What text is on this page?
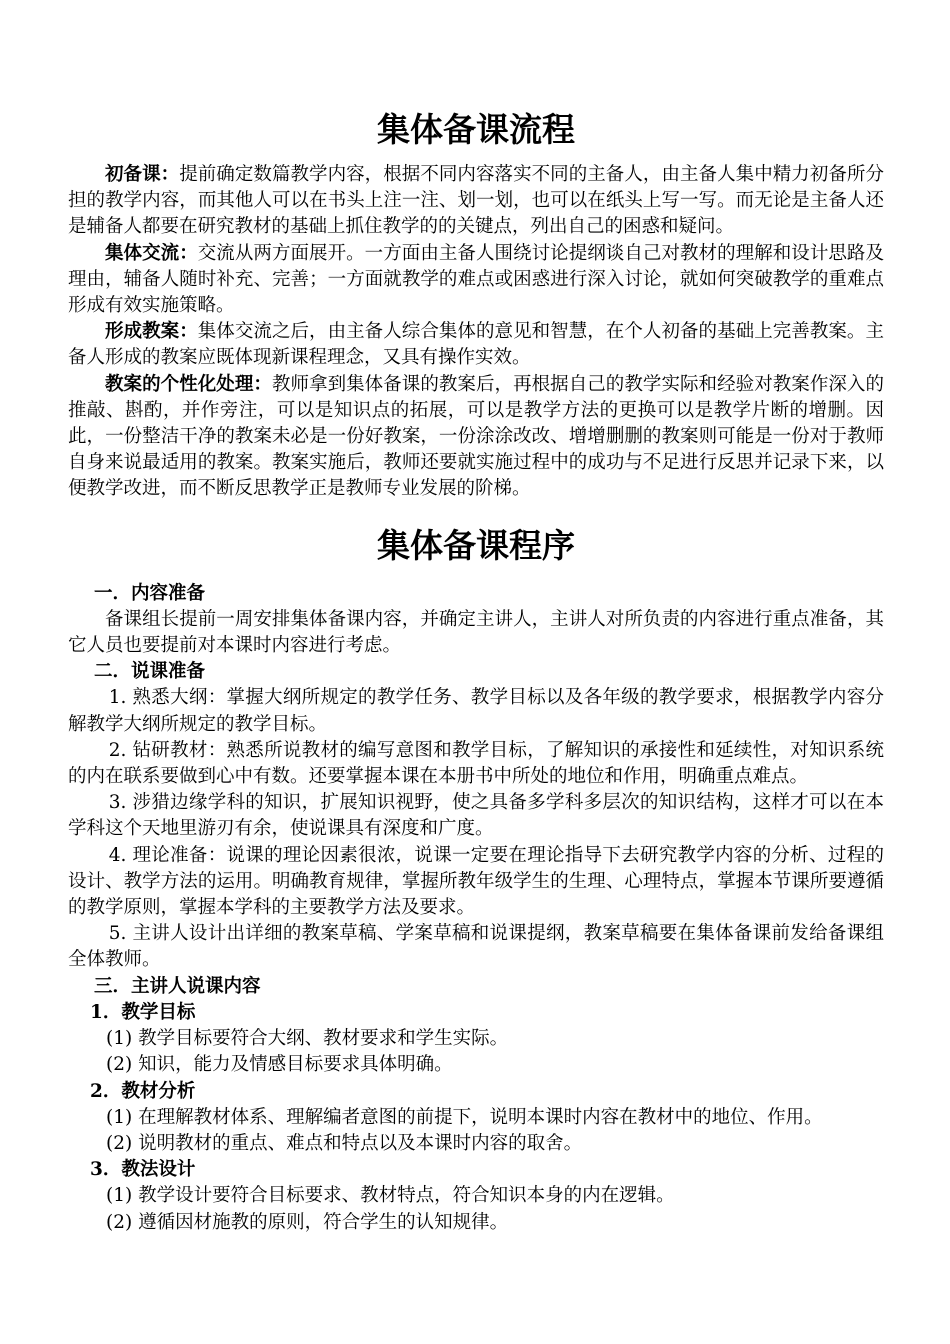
集体备课流程

初备课：提前确定数篇教学内容，根据不同内容落实不同的主备人，由主备人集中精力初备所分担的教学内容，而其他人可以在书头上注一注、划一划，也可以在纸头上写一写。而无论是主备人还是辅备人都要在研究教材的基础上抓住教学的的关键点，列出自己的困惑和疑问。

集体交流：交流从两方面展开。一方面由主备人围绕讨论提纲谈自己对教材的理解和设计思路及理由，辅备人随时补充、完善；一方面就教学的难点或困惑进行深入讨论，就如何突破教学的重难点形成有效实施策略。

形成教案：集体交流之后，由主备人综合集体的意见和智慧，在个人初备的基础上完善教案。主备人形成的教案应既体现新课程理念，又具有操作实效。

教案的个性化处理：教师拿到集体备课的教案后，再根据自己的教学实际和经验对教案作深入的推敲、斟酌，并作旁注，可以是知识点的拓展，可以是教学方法的更换可以是教学片断的增删。因此，一份整洁干净的教案未必是一份好教案，一份涂涂改改、增增删删的教案则可能是一份对于教师自身来说最适用的教案。教案实施后，教师还要就实施过程中的成功与不足进行反思并记录下来，以便教学改进，而不断反思教学正是教师专业发展的阶梯。

集体备课程序
一．内容准备

备课组长提前一周安排集体备课内容，并确定主讲人，主讲人对所负责的内容进行重点准备，其它人员也要提前对本课时内容进行考虑。

二．说课准备

1. 熟悉大纲：掌握大纲所规定的教学任务、教学目标以及各年级的教学要求，根据教学内容分解教学大纲所规定的教学目标。

2. 钻研教材：熟悉所说教材的编写意图和教学目标，了解知识的承接性和延续性，对知识系统的内在联系要做到心中有数。还要掌握本课在本册书中所处的地位和作用，明确重点难点。

3. 涉猎边缘学科的知识，扩展知识视野，使之具备多学科多层次的知识结构，这样才可以在本学科这个天地里游刃有余，使说课具有深度和广度。

4. 理论准备：说课的理论因素很浓，说课一定要在理论指导下去研究教学内容的分析、过程的设计、教学方法的运用。明确教育规律，掌握所教年级学生的生理、心理特点，掌握本节课所要遵循的教学原则，掌握本学科的主要教学方法及要求。

5. 主讲人设计出详细的教案草稿、学案草稿和说课提纲，教案草稿要在集体备课前发给备课组全体教师。

三．主讲人说课内容
1．教学目标
(1) 教学目标要符合大纲、教材要求和学生实际。
(2) 知识，能力及情感目标要求具体明确。
2．教材分析

(1) 在理解教材体系、理解编者意图的前提下，说明本课时内容在教材中的地位、作用。

(2) 说明教材的重点、难点和特点以及本课时内容的取舍。
3．教法设计
(1) 教学设计要符合目标要求、教材特点，符合知识本身的内在逻辑。
(2) 遵循因材施教的原则，符合学生的认知规律。
